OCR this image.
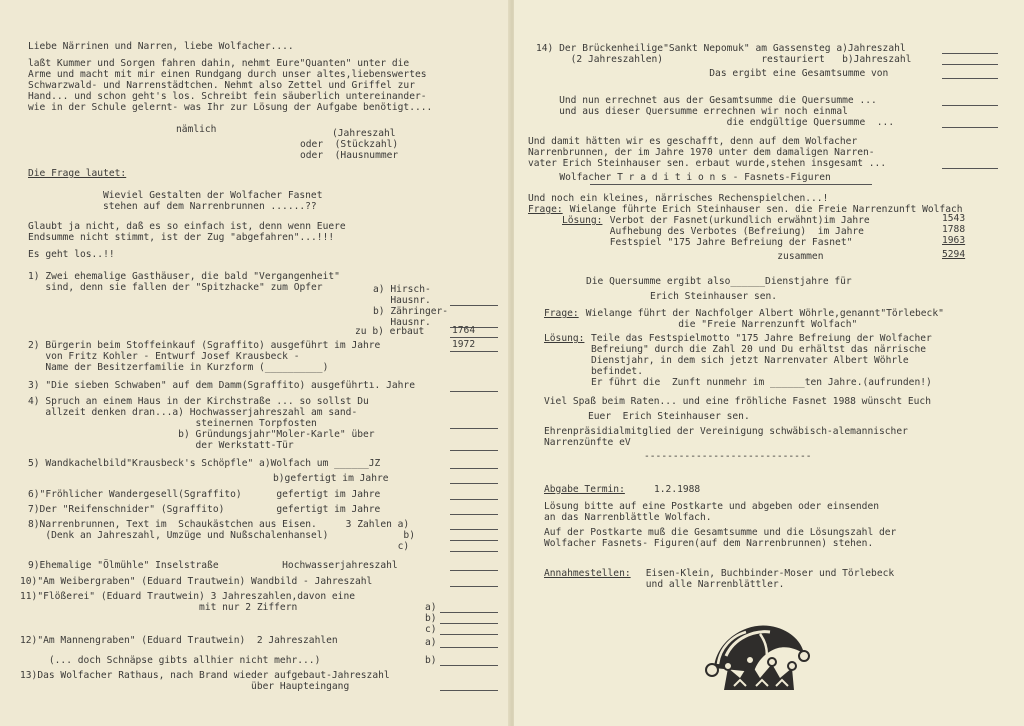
Liebe Närrinen und Narren, liebe Wolfacher....
laßt Kummer und Sorgen fahren dahin, nehmt Eure"Quanten" unter die
Arme und macht mit mir einen Rundgang durch unser altes,liebenswertes
Schwarzwald- und Narrenstädtchen. Nehmt also Zettel und Griffel zur
Hand... und schon geht's los. Schreibt fein säuberlich untereinander-
wie in der Schule gelernt- was Ihr zur Lösung der Aufgabe benötigt....
nämlich	(Jahreszahl
oder  (Stückzahl)
oder  (Hausnummer
Die Frage lautet:
Wieviel Gestalten der Wolfacher Fasnet
stehen auf dem Narrenbrunnen ......??
Glaubt ja nicht, daß es so einfach ist, denn wenn Euere
Endsumme nicht stimmt, ist der Zug "abgefahren"...!!!
Es geht los..!!
1) Zwei ehemalige Gasthäuser, die bald "Vergangenheit"
sind, denn sie fallen der "Spitzhacke" zum Opfer	a) Hirsch-
Hausnr.
b) Zähringer-
Hausnr.
zu b) erbaut	1764
2) Bürgerin beim Stoffeinkauf (Sgraffito) ausgeführt im Jahre	1972
von Fritz Kohler - Entwurf Josef Krausbeck -
Name der Besitzerfamilie in Kurzform (__________)
3) "Die sieben Schwaben" auf dem Damm(Sgraffito) ausgeführtı. Jahre
4) Spruch an einem Haus in der Kirchstraße ... so sollst Du
allzeit denken dran...a) Hochwasserjahreszahl am sand-
steinernen Torpfosten
b) Gründungsjahr"Moler-Karle" über
der Werkstatt-Tür
5) Wandkachelbild"Krausbeck's Schöpfle" a)Wolfach um ______JZ
b)gefertigt im Jahre
6)"Fröhlicher Wandergesell(Sgraffito)      gefertigt im Jahre
7)Der "Reifenschnider" (Sgraffito)         gefertigt im Jahre
8)Narrenbrunnen, Text im  Schaukästchen aus Eisen.     3 Zahlen a)
(Denk an Jahreszahl, Umzüge und Nußschalenhansel)             b)
c)
9)Ehemalige "Ölmühle" Inselstraße           Hochwasserjahreszahl
10)"Am Weibergraben" (Eduard Trautwein) Wandbild - Jahreszahl
11)"Flößerei" (Eduard Trautwein) 3 Jahreszahlen,davon eine
mit nur 2 Ziffern	a)
b)
c)
12)"Am Mannengraben" (Eduard Trautwein)  2 Jahreszahlen	a)
(... doch Schnäpse gibts allhier nicht mehr...)	b)
13)Das Wolfacher Rathaus, nach Brand wieder aufgebaut-Jahreszahl
über Haupteingang
14) Der Brückenheilige"Sankt Nepomuk" am Gassensteg a)Jahreszahl
(2 Jahreszahlen)                 restauriert   b)Jahreszahl
Das ergibt eine Gesamtsumme von
Und nun errechnet aus der Gesamtsumme die Quersumme ...
und aus dieser Quersumme errechnen wir noch einmal
die endgültige Quersumme  ...
Und damit hätten wir es geschafft, denn auf dem Wolfacher
Narrenbrunnen, der im Jahre 1970 unter dem damaligen Narren-
vater Erich Steinhauser sen. erbaut wurde,stehen insgesamt ...
Wolfacher T r a d i t i o n s - Fasnets-Figuren
Und noch ein kleines, närrisches Rechenspielchen...!
Frage: Wielange führte Erich Steinhauser sen. die Freie Narrenzunft Wolfach
Lösung: Verbot der Fasnet(urkundlich erwähnt)im Jahre	1543
Aufhebung des Verbotes (Befreiung)  im Jahre	1788
Festspiel "175 Jahre Befreiung der Fasnet"	1963
zusammen	5294
Die Quersumme ergibt also______Dienstjahre für
Erich Steinhauser sen.
Frage: Wielange führt der Nachfolger Albert Wöhrle,genannt"Törlebeck"
die "Freie Narrenzunft Wolfach"
Lösung: Teile das Festspielmotto "175 Jahre Befreiung der Wolfacher
Befreiung" durch die Zahl 20 und Du erhältst das närrische
Dienstjahr, in dem sich jetzt Narrenvater Albert Wöhrle
befindet.
Er führt die  Zunft nunmehr im ______ten Jahre.(aufrunden!)
Viel Spaß beim Raten... und eine fröhliche Fasnet 1988 wünscht Euch
Euer  Erich Steinhauser sen.
Ehrenpräsidialmitglied der Vereinigung schwäbisch-alemannischer
Narrenzünfte eV
-----------------------------
Abgabe Termin:	1.2.1988
Lösung bitte auf eine Postkarte und abgeben oder einsenden
an das Narrenblättle Wolfach.
Auf der Postkarte muß die Gesamtsumme und die Lösungszahl der
Wolfacher Fasnets- Figuren(auf dem Narrenbrunnen) stehen.
Annahmestellen: Eisen-Klein, Buchbinder-Moser und Törlebeck
und alle Narrenblättler.
